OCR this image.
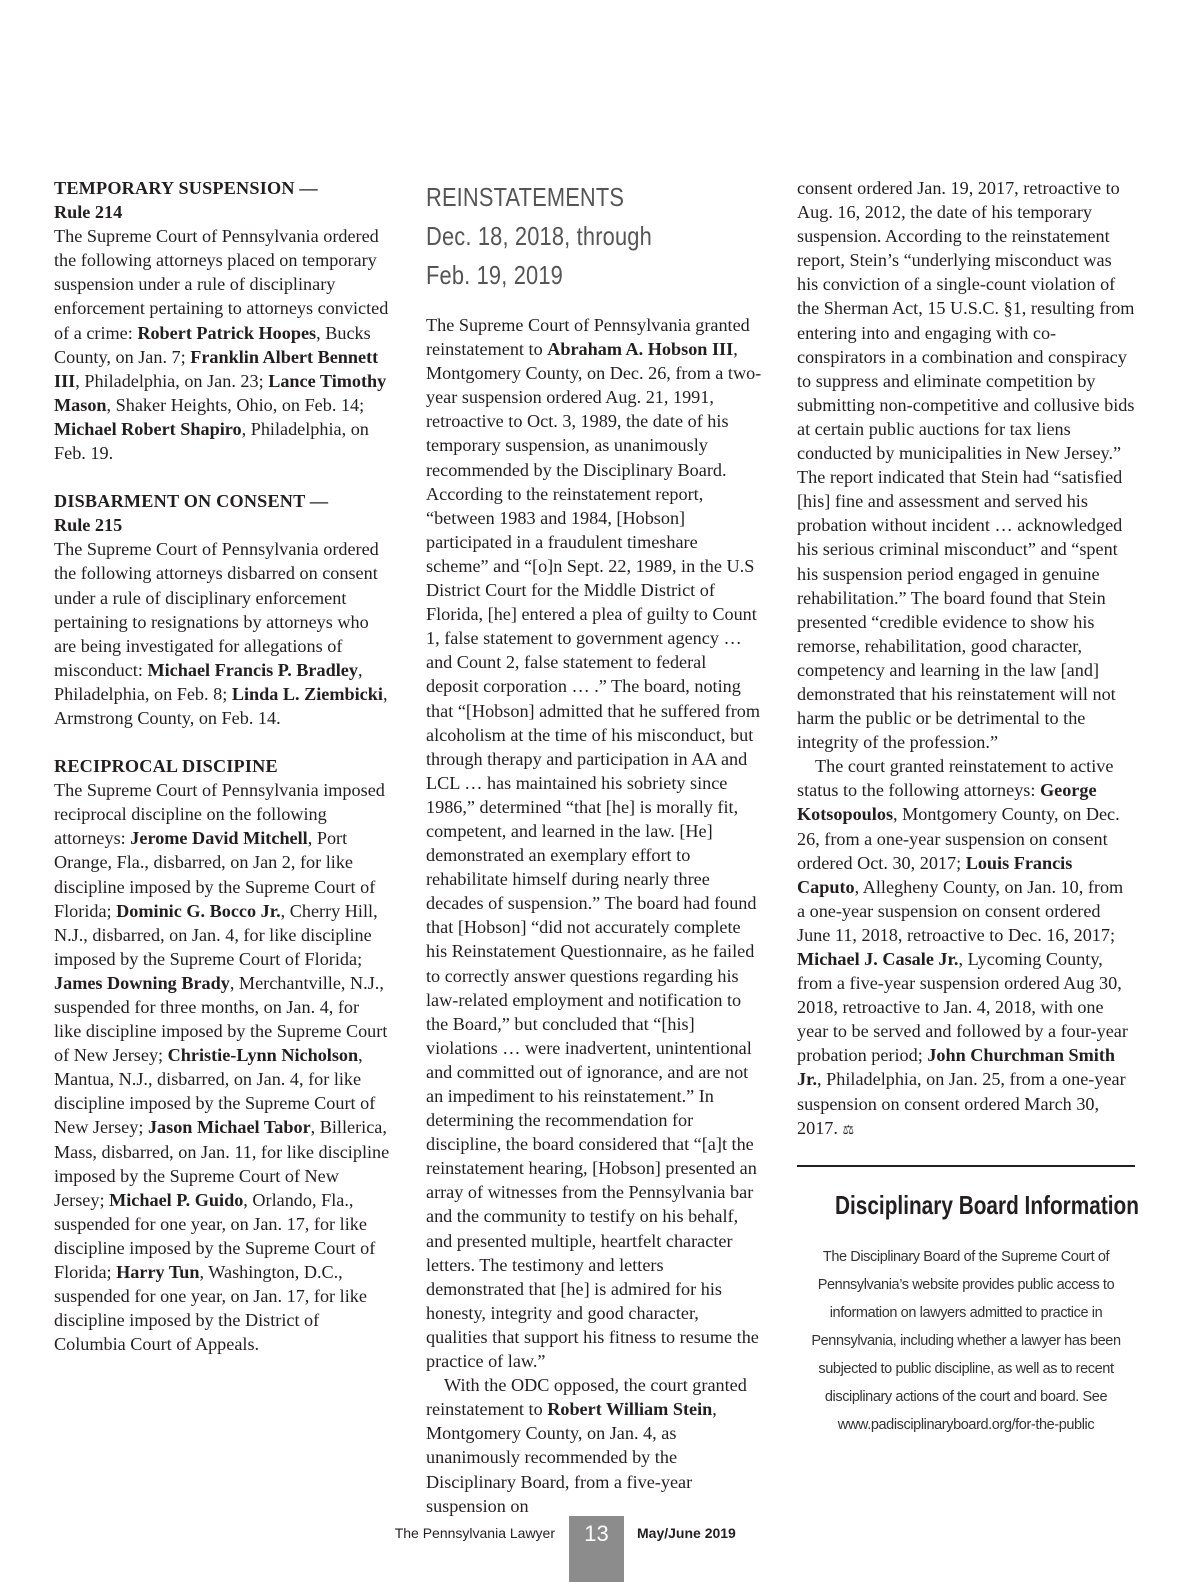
TEMPORARY SUSPENSION —
Rule 214
The Supreme Court of Pennsylvania ordered the following attorneys placed on temporary suspension under a rule of disciplinary enforcement pertaining to attorneys convicted of a crime: Robert Patrick Hoopes, Bucks County, on Jan. 7; Franklin Albert Bennett III, Philadelphia, on Jan. 23; Lance Timothy Mason, Shaker Heights, Ohio, on Feb. 14; Michael Robert Shapiro, Philadelphia, on Feb. 19.
DISBARMENT ON CONSENT —
Rule 215
The Supreme Court of Pennsylvania ordered the following attorneys disbarred on consent under a rule of disciplinary enforcement pertaining to resignations by attorneys who are being investigated for allegations of misconduct: Michael Francis P. Bradley, Philadelphia, on Feb. 8; Linda L. Ziembicki, Armstrong County, on Feb. 14.
RECIPROCAL DISCIPINE
The Supreme Court of Pennsylvania imposed reciprocal discipline on the following attorneys: Jerome David Mitchell, Port Orange, Fla., disbarred, on Jan 2, for like discipline imposed by the Supreme Court of Florida; Dominic G. Bocco Jr., Cherry Hill, N.J., disbarred, on Jan. 4, for like discipline imposed by the Supreme Court of Florida; James Downing Brady, Merchantville, N.J., suspended for three months, on Jan. 4, for like discipline imposed by the Supreme Court of New Jersey; Christie-Lynn Nicholson, Mantua, N.J., disbarred, on Jan. 4, for like discipline imposed by the Supreme Court of New Jersey; Jason Michael Tabor, Billerica, Mass, disbarred, on Jan. 11, for like discipline imposed by the Supreme Court of New Jersey; Michael P. Guido, Orlando, Fla., suspended for one year, on Jan. 17, for like discipline imposed by the Supreme Court of Florida; Harry Tun, Washington, D.C., suspended for one year, on Jan. 17, for like discipline imposed by the District of Columbia Court of Appeals.
REINSTATEMENTS
Dec. 18, 2018, through
Feb. 19, 2019
The Supreme Court of Pennsylvania granted reinstatement to Abraham A. Hobson III, Montgomery County, on Dec. 26, from a two-year suspension ordered Aug. 21, 1991, retroactive to Oct. 3, 1989, the date of his temporary suspension, as unanimously recommended by the Disciplinary Board. According to the reinstatement report, “between 1983 and 1984, [Hobson] participated in a fraudulent timeshare scheme” and “[o]n Sept. 22, 1989, in the U.S District Court for the Middle District of Florida, [he] entered a plea of guilty to Count 1, false statement to government agency … and Count 2, false statement to federal deposit corporation … .” The board, noting that “[Hobson] admitted that he suffered from alcoholism at the time of his misconduct, but through therapy and participation in AA and LCL … has maintained his sobriety since 1986,” determined “that [he] is morally fit, competent, and learned in the law. [He] demonstrated an exemplary effort to rehabilitate himself during nearly three decades of suspension.” The board had found that [Hobson] “did not accurately complete his Reinstatement Questionnaire, as he failed to correctly answer questions regarding his law-related employment and notification to the Board,” but concluded that “[his] violations … were inadvertent, unintentional and committed out of ignorance, and are not an impediment to his reinstatement.” In determining the recommendation for discipline, the board considered that “[a]t the reinstatement hearing, [Hobson] presented an array of witnesses from the Pennsylvania bar and the community to testify on his behalf, and presented multiple, heartfelt character letters. The testimony and letters demonstrated that [he] is admired for his honesty, integrity and good character, qualities that support his fitness to resume the practice of law.”
With the ODC opposed, the court granted reinstatement to Robert William Stein, Montgomery County, on Jan. 4, as unanimously recommended by the Disciplinary Board, from a five-year suspension on
consent ordered Jan. 19, 2017, retroactive to Aug. 16, 2012, the date of his temporary suspension. According to the reinstatement report, Stein’s “underlying misconduct was his conviction of a single-count violation of the Sherman Act, 15 U.S.C. §1, resulting from entering into and engaging with co-conspirators in a combination and conspiracy to suppress and eliminate competition by submitting non-competitive and collusive bids at certain public auctions for tax liens conducted by municipalities in New Jersey.” The report indicated that Stein had “satisfied [his] fine and assessment and served his probation without incident … acknowledged his serious criminal misconduct” and “spent his suspension period engaged in genuine rehabilitation.” The board found that Stein presented “credible evidence to show his remorse, rehabilitation, good character, competency and learning in the law [and] demonstrated that his reinstatement will not harm the public or be detrimental to the integrity of the profession.”
The court granted reinstatement to active status to the following attorneys: George Kotsopoulos, Montgomery County, on Dec. 26, from a one-year suspension on consent ordered Oct. 30, 2017; Louis Francis Caputo, Allegheny County, on Jan. 10, from a one-year suspension on consent ordered June 11, 2018, retroactive to Dec. 16, 2017; Michael J. Casale Jr., Lycoming County, from a five-year suspension ordered Aug 30, 2018, retroactive to Jan. 4, 2018, with one year to be served and followed by a four-year probation period; John Churchman Smith Jr., Philadelphia, on Jan. 25, from a one-year suspension on consent ordered March 30, 2017. ⚖
Disciplinary Board Information
The Disciplinary Board of the Supreme Court of Pennsylvania’s website provides public access to information on lawyers admitted to practice in Pennsylvania, including whether a lawyer has been subjected to public discipline, as well as to recent disciplinary actions of the court and board. See www.padisciplinaryboard.org/for-the-public
The Pennsylvania Lawyer	13	May/June 2019
